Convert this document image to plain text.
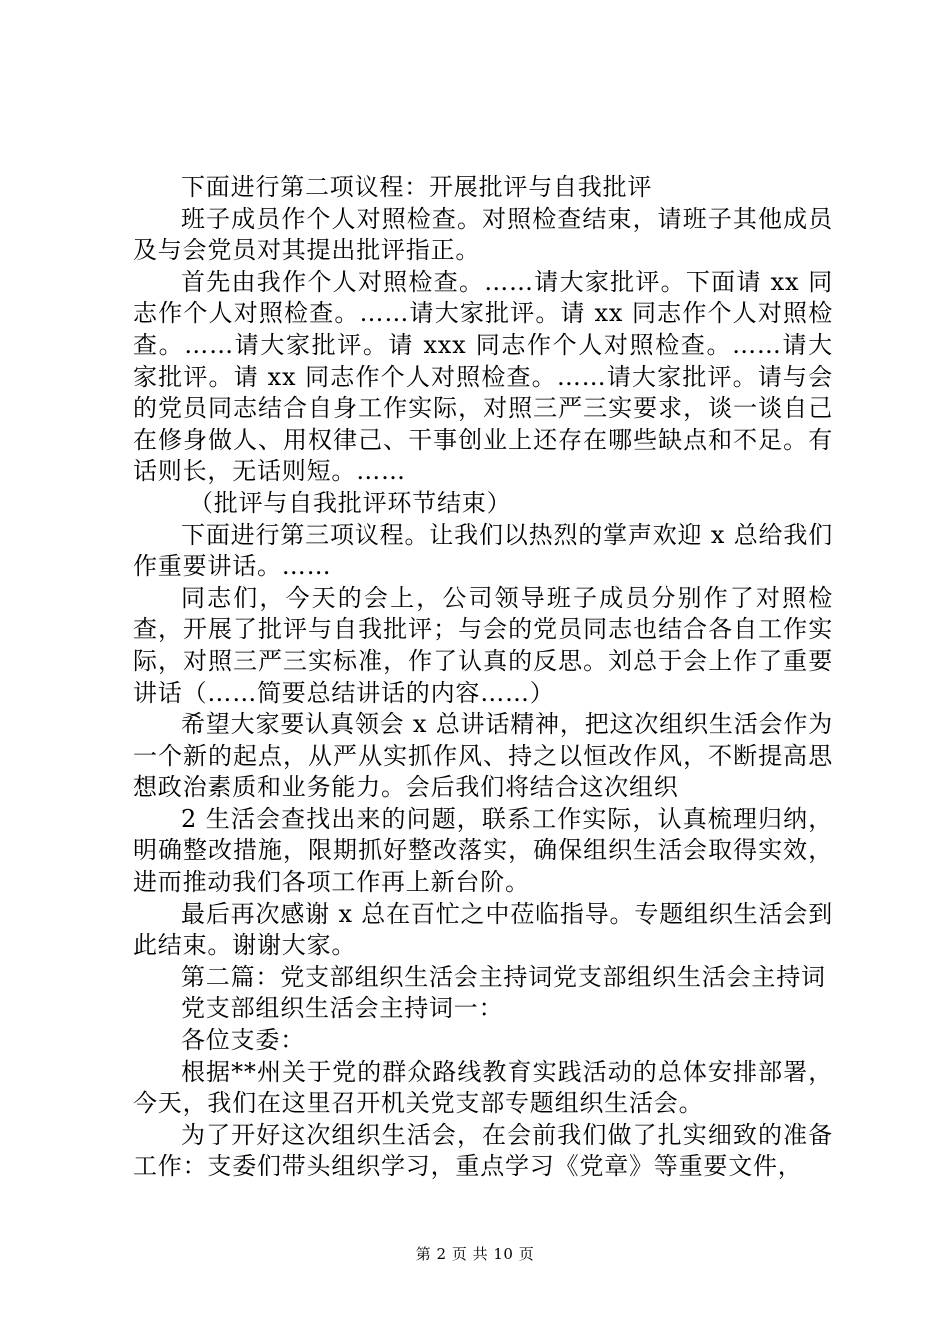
下面进行第二项议程：开展批评与自我批评

班子成员作个人对照检查。对照检查结束，请班子其他成员及与会党员对其提出批评指正。

首先由我作个人对照检查。……请大家批评。下面请 xx 同志作个人对照检查。……请大家批评。请 xx 同志作个人对照检查。……请大家批评。请 xxx 同志作个人对照检查。……请大家批评。请 xx 同志作个人对照检查。……请大家批评。请与会的党员同志结合自身工作实际，对照三严三实要求，谈一谈自己在修身做人、用权律己、干事创业上还存在哪些缺点和不足。有话则长，无话则短。……

（批评与自我批评环节结束）

下面进行第三项议程。让我们以热烈的掌声欢迎 x 总给我们作重要讲话。……

同志们，今天的会上，公司领导班子成员分别作了对照检查，开展了批评与自我批评；与会的党员同志也结合各自工作实际，对照三严三实标准，作了认真的反思。刘总于会上作了重要讲话（……简要总结讲话的内容……）

希望大家要认真领会 x 总讲话精神，把这次组织生活会作为一个新的起点，从严从实抓作风、持之以恒改作风，不断提高思想政治素质和业务能力。会后我们将结合这次组织

2 生活会查找出来的问题，联系工作实际，认真梳理归纳，明确整改措施，限期抓好整改落实，确保组织生活会取得实效，进而推动我们各项工作再上新台阶。

最后再次感谢 x 总在百忙之中莅临指导。专题组织生活会到此结束。谢谢大家。

第二篇：党支部组织生活会主持词党支部组织生活会主持词

党支部组织生活会主持词一：

各位支委：

根据**州关于党的群众路线教育实践活动的总体安排部署，今天，我们在这里召开机关党支部专题组织生活会。

为了开好这次组织生活会，在会前我们做了扎实细致的准备工作：支委们带头组织学习，重点学习《党章》等重要文件，

第 2 页 共 10 页
